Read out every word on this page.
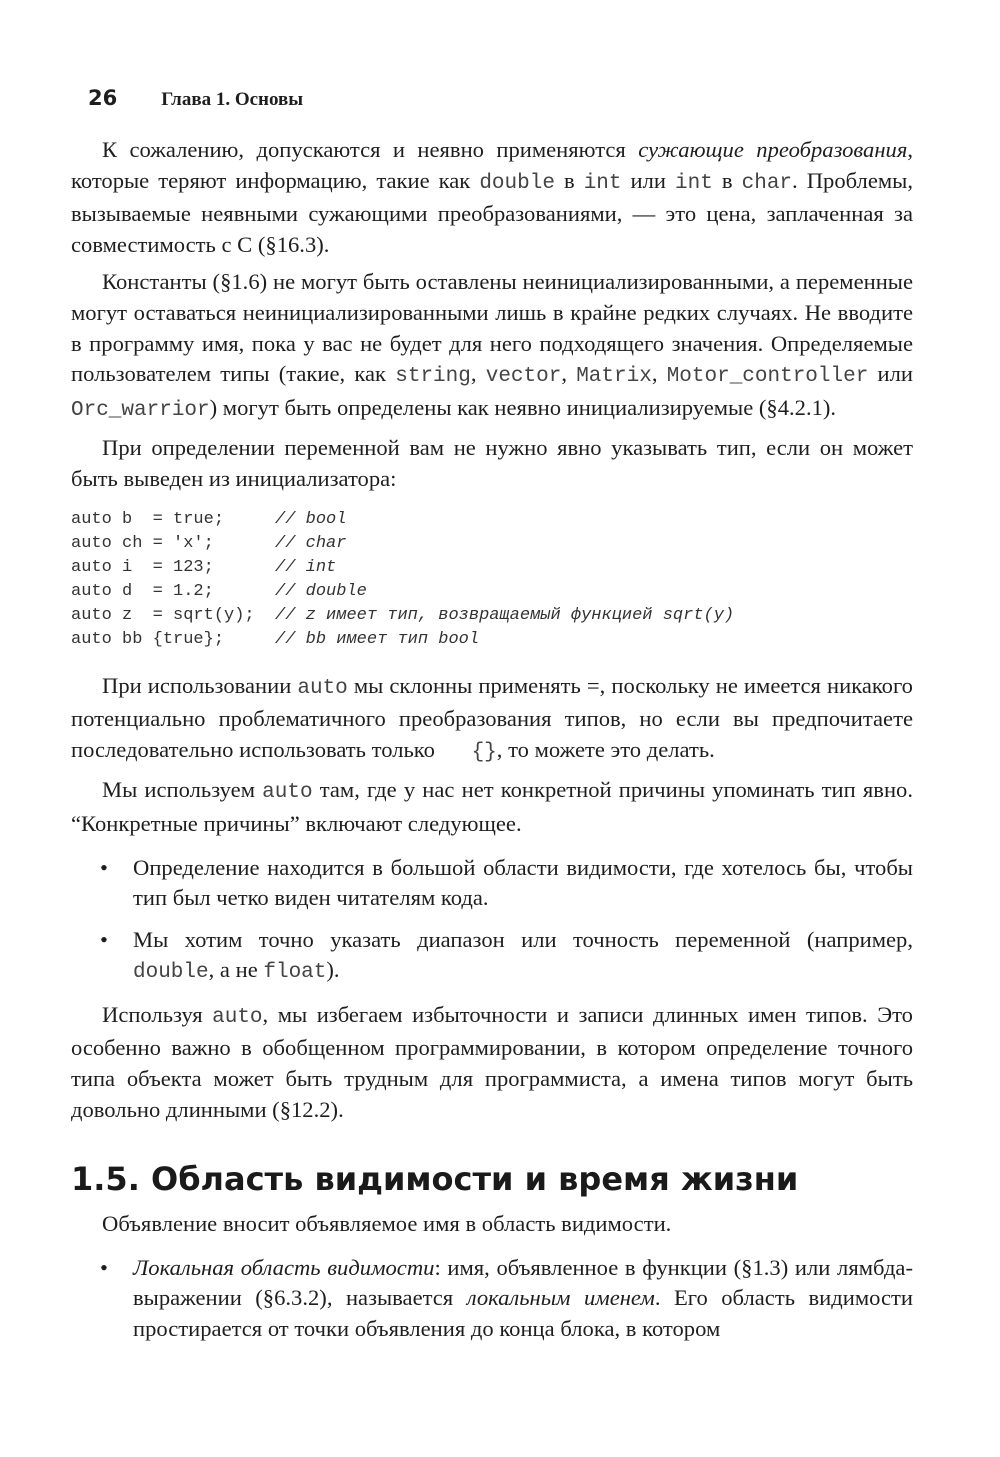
26 Глава 1. Основы

К сожалению, допускаются и неявно применяются сужающие преобразования, которые теряют информацию, такие как double в int или int в char. Проблемы, вызываемые неявными сужающими преобразованиями, — это цена, заплаченная за совместимость с С (§16.3).

Константы (§1.6) не могут быть оставлены неинициализированными, а переменные могут оставаться неинициализированными лишь в крайне редких случаях. Не вводите в программу имя, пока у вас не будет для него подходящего значения. Определяемые пользователем типы (такие, как string, vector, Matrix, Motor_controller или Orc_warrior) могут быть определены как неявно инициализируемые (§4.2.1).

При определении переменной вам не нужно явно указывать тип, если он может быть выведен из инициализатора:

auto b  = true;     // bool
auto ch = 'x';      // char
auto i  = 123;      // int
auto d  = 1.2;      // double
auto z  = sqrt(y);  // z имеет тип, возвращаемый функцией sqrt(y)
auto bb {true};     // bb имеет тип bool

При использовании auto мы склонны применять =, поскольку не имеется никакого потенциально проблематичного преобразования типов, но если вы предпочитаете последовательно использовать только {}, то можете это делать.

Мы используем auto там, где у нас нет конкретной причины упоминать тип явно. “Конкретные причины” включают следующее.

• Определение находится в большой области видимости, где хотелось бы, чтобы тип был четко виден читателям кода.
• Мы хотим точно указать диапазон или точность переменной (например, double, а не float).

Используя auto, мы избегаем избыточности и записи длинных имен типов. Это особенно важно в обобщенном программировании, в котором определение точного типа объекта может быть трудным для программиста, а имена типов могут быть довольно длинными (§12.2).

1.5. Область видимости и время жизни

Объявление вносит объявляемое имя в область видимости.

• Локальная область видимости: имя, объявленное в функции (§1.3) или лямбда-выражении (§6.3.2), называется локальным именем. Его область видимости простирается от точки объявления до конца блока, в котором
